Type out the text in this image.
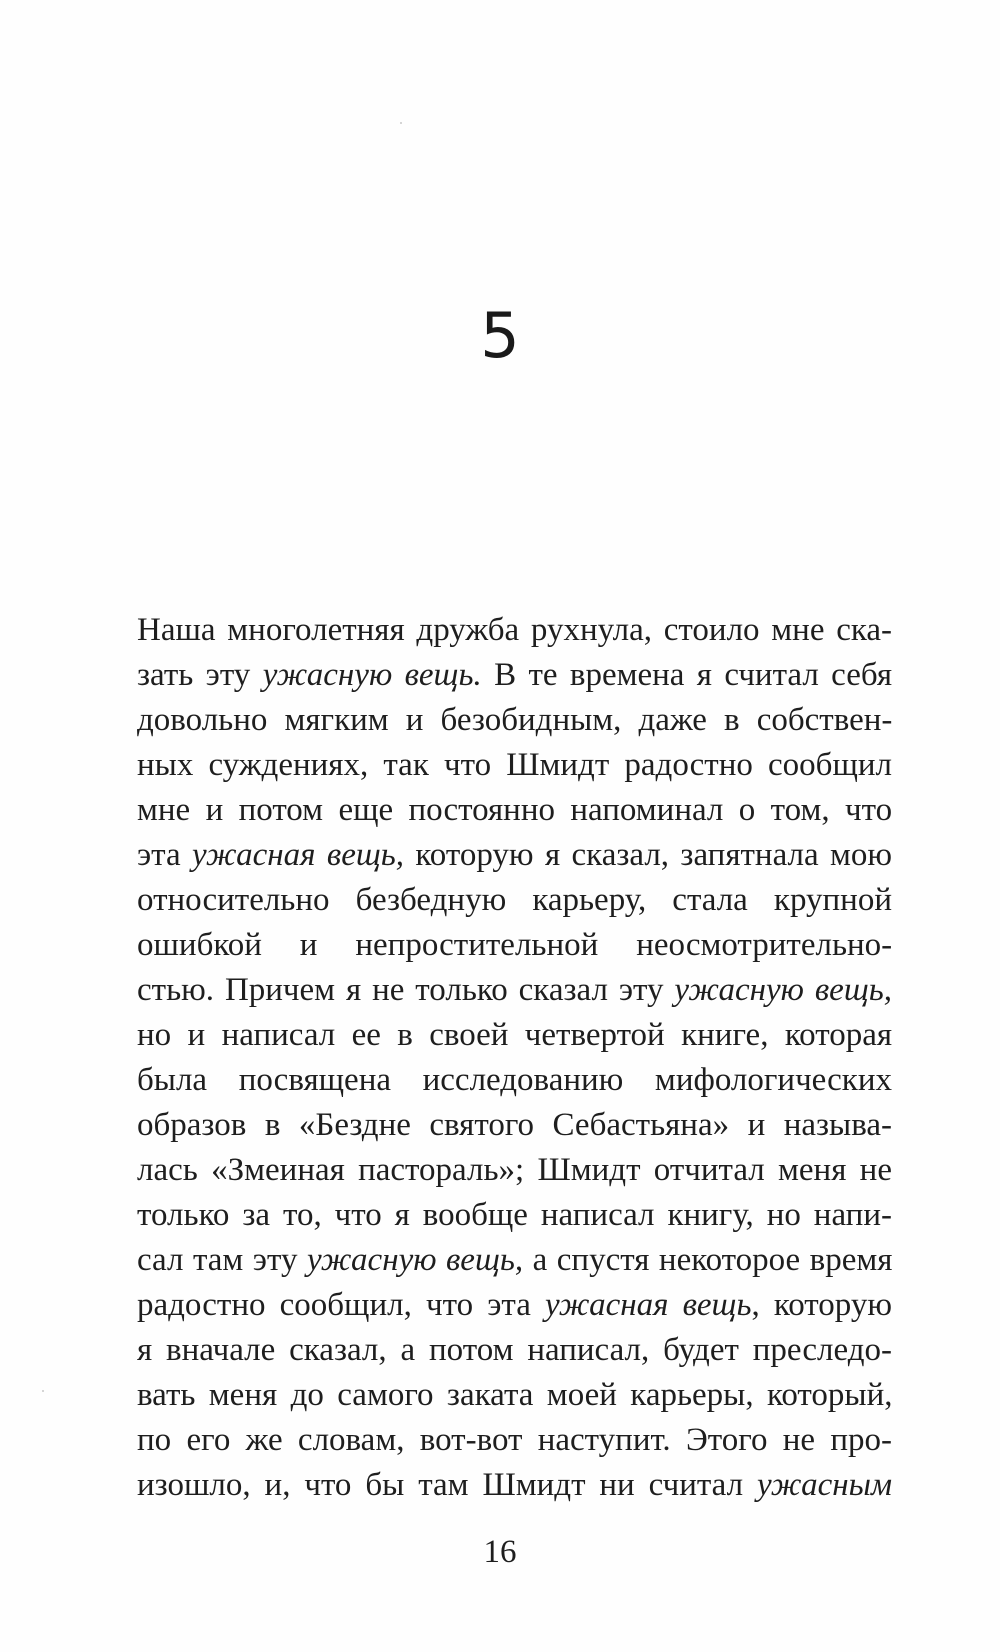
5
Наша многолетняя дружба рухнула, стоило мне ска-
зать эту ужасную вещь. В те времена я считал себя
довольно мягким и безобидным, даже в собствен-
ных суждениях, так что Шмидт радостно сообщил
мне и потом еще постоянно напоминал о том, что
эта ужасная вещь, которую я сказал, запятнала мою
относительно безбедную карьеру, стала крупной
ошибкой и непростительной неосмотрительно-
стью. Причем я не только сказал эту ужасную вещь,
но и написал ее в своей четвертой книге, которая
была посвящена исследованию мифологических
образов в «Бездне святого Себастьяна» и называ-
лась «Змеиная пастораль»; Шмидт отчитал меня не
только за то, что я вообще написал книгу, но напи-
сал там эту ужасную вещь, а спустя некоторое время
радостно сообщил, что эта ужасная вещь, которую
я вначале сказал, а потом написал, будет преследо-
вать меня до самого заката моей карьеры, который,
по его же словам, вот-вот наступит. Этого не про-
изошло, и, что бы там Шмидт ни считал ужасным
16
